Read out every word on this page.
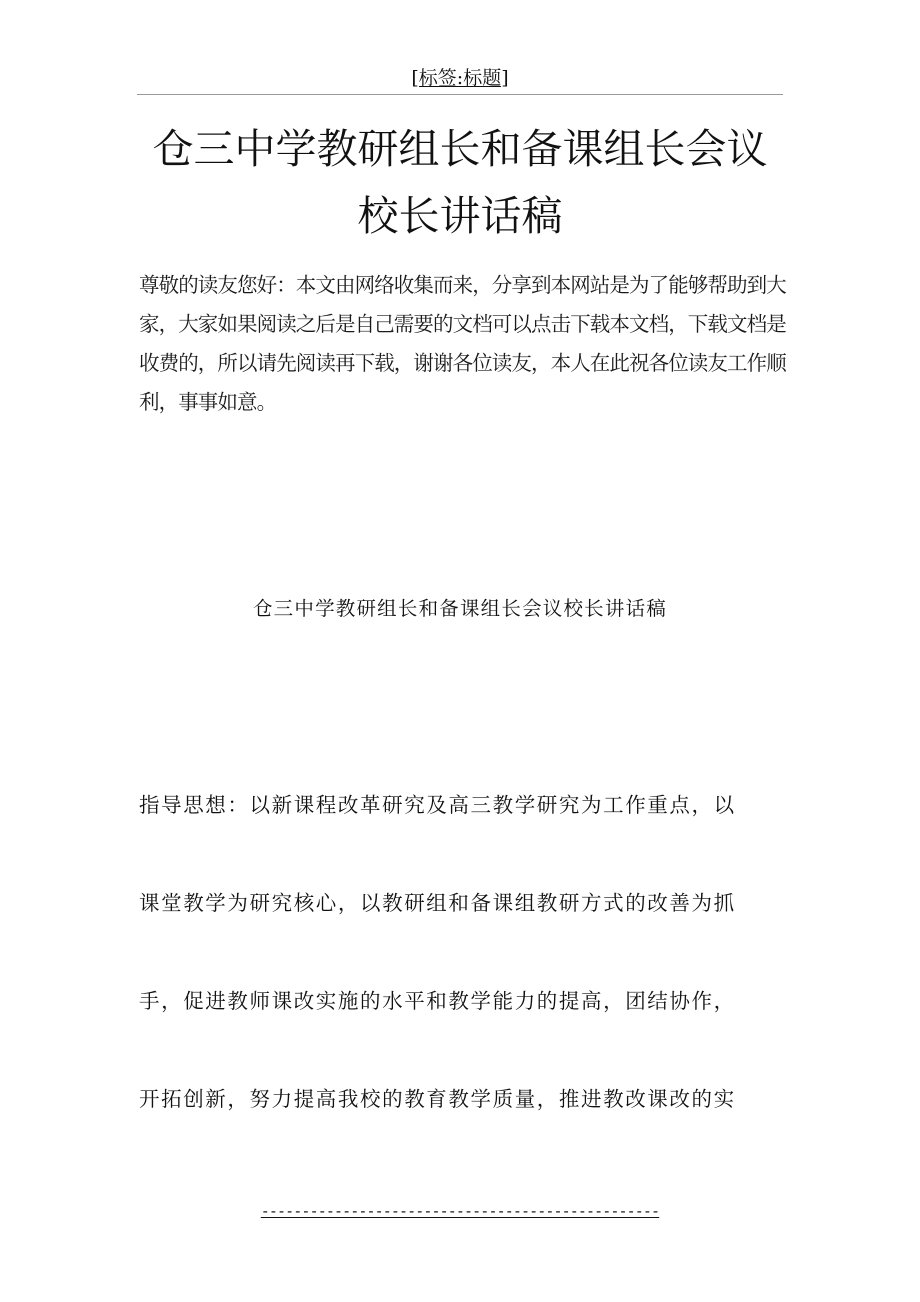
[标签:标题]
仓三中学教研组长和备课组长会议
校长讲话稿
尊敬的读友您好：本文由网络收集而来，分享到本网站是为了能够帮助到大
家，大家如果阅读之后是自己需要的文档可以点击下载本文档，下载文档是
收费的，所以请先阅读再下载，谢谢各位读友，本人在此祝各位读友工作顺
利，事事如意。
仓三中学教研组长和备课组长会议校长讲话稿
指导思想：以新课程改革研究及高三教学研究为工作重点，以
课堂教学为研究核心，以教研组和备课组教研方式的改善为抓
手，促进教师课改实施的水平和教学能力的提高，团结协作，
开拓创新，努力提高我校的教育教学质量，推进教改课改的实
-------------------------------------------------
